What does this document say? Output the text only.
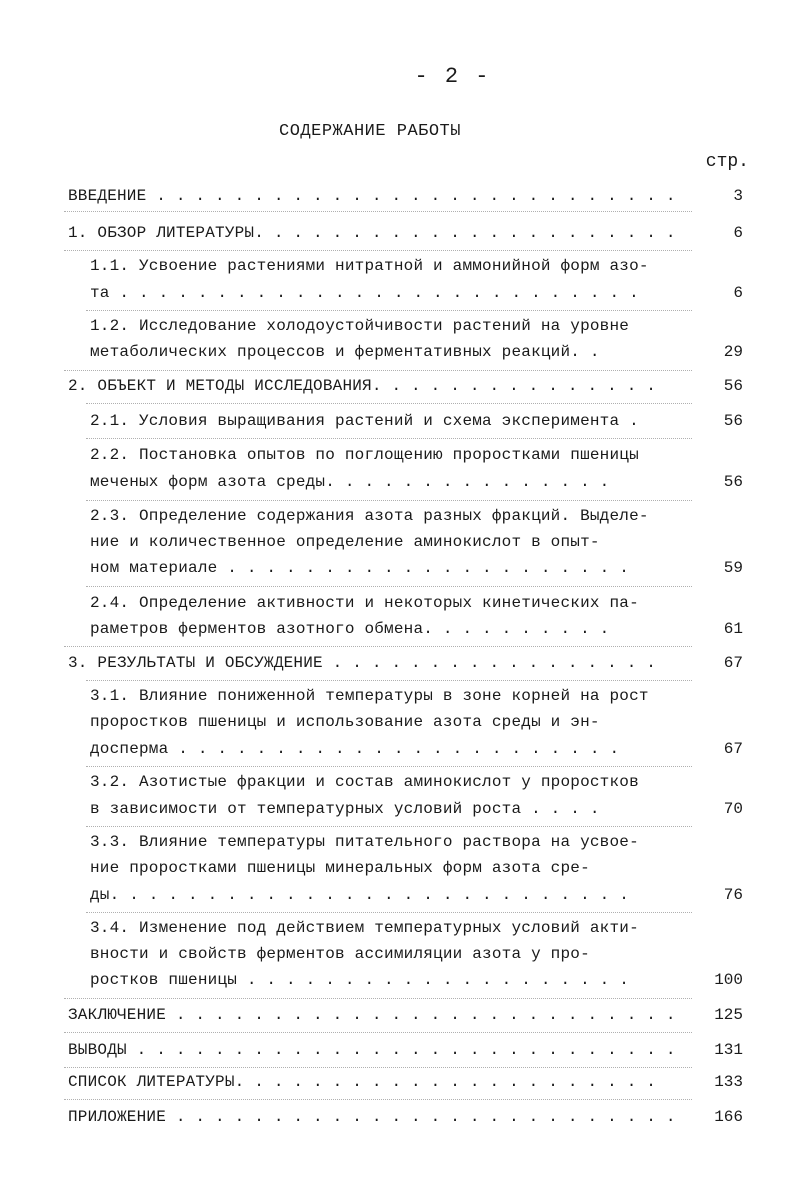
- 2 -
СОДЕРЖАНИЕ РАБОТЫ
стр.
ВВЕДЕНИЕ . . . . . . . . . . . . . . . . . . . . . . . . . . .	3
1. ОБЗОР ЛИТЕРАТУРЫ. . . . . . . . . . . . . . . . . . . . . .	6
1.1. Усвоение растениями нитратной и аммонийной форм азо-
та . . . . . . . . . . . . . . . . . . . . . . . . . . .	6
1.2. Исследование холодоустойчивости растений на уровне
метаболических процессов и ферментативных реакций. .	29
2. ОБЪЕКТ И МЕТОДЫ ИССЛЕДОВАНИЯ. . . . . . . . . . . . . . .	56
2.1. Условия выращивания растений и схема эксперимента .	56
2.2. Постановка опытов по поглощению проростками пшеницы
меченых форм азота среды. . . . . . . . . . . . . . .	56
2.3. Определение содержания азота разных фракций. Выделе-
ние и количественное определение аминокислот в опыт-
ном материале . . . . . . . . . . . . . . . . . . . . .	59
2.4. Определение активности и некоторых кинетических па-
раметров ферментов азотного обмена. . . . . . . . . .	61
3. РЕЗУЛЬТАТЫ И ОБСУЖДЕНИЕ . . . . . . . . . . . . . . . . .	67
3.1. Влияние пониженной температуры в зоне корней на рост
проростков пшеницы и использование азота среды и эн-
досперма . . . . . . . . . . . . . . . . . . . . . . .	67
3.2. Азотистые фракции и состав аминокислот у проростков
в зависимости от температурных условий роста . . . .	70
3.3. Влияние температуры питательного раствора на усвое-
ние проростками пшеницы минеральных форм азота сре-
ды. . . . . . . . . . . . . . . . . . . . . . . . . . .	76
3.4. Изменение под действием температурных условий акти-
вности и свойств ферментов ассимиляции азота у про-
ростков пшеницы . . . . . . . . . . . . . . . . . . . .	100
ЗАКЛЮЧЕНИЕ . . . . . . . . . . . . . . . . . . . . . . . . . .	125
ВЫВОДЫ . . . . . . . . . . . . . . . . . . . . . . . . . . . .	131
СПИСОК ЛИТЕРАТУРЫ. . . . . . . . . . . . . . . . . . . . . .	133
ПРИЛОЖЕНИЕ . . . . . . . . . . . . . . . . . . . . . . . . . .	166
